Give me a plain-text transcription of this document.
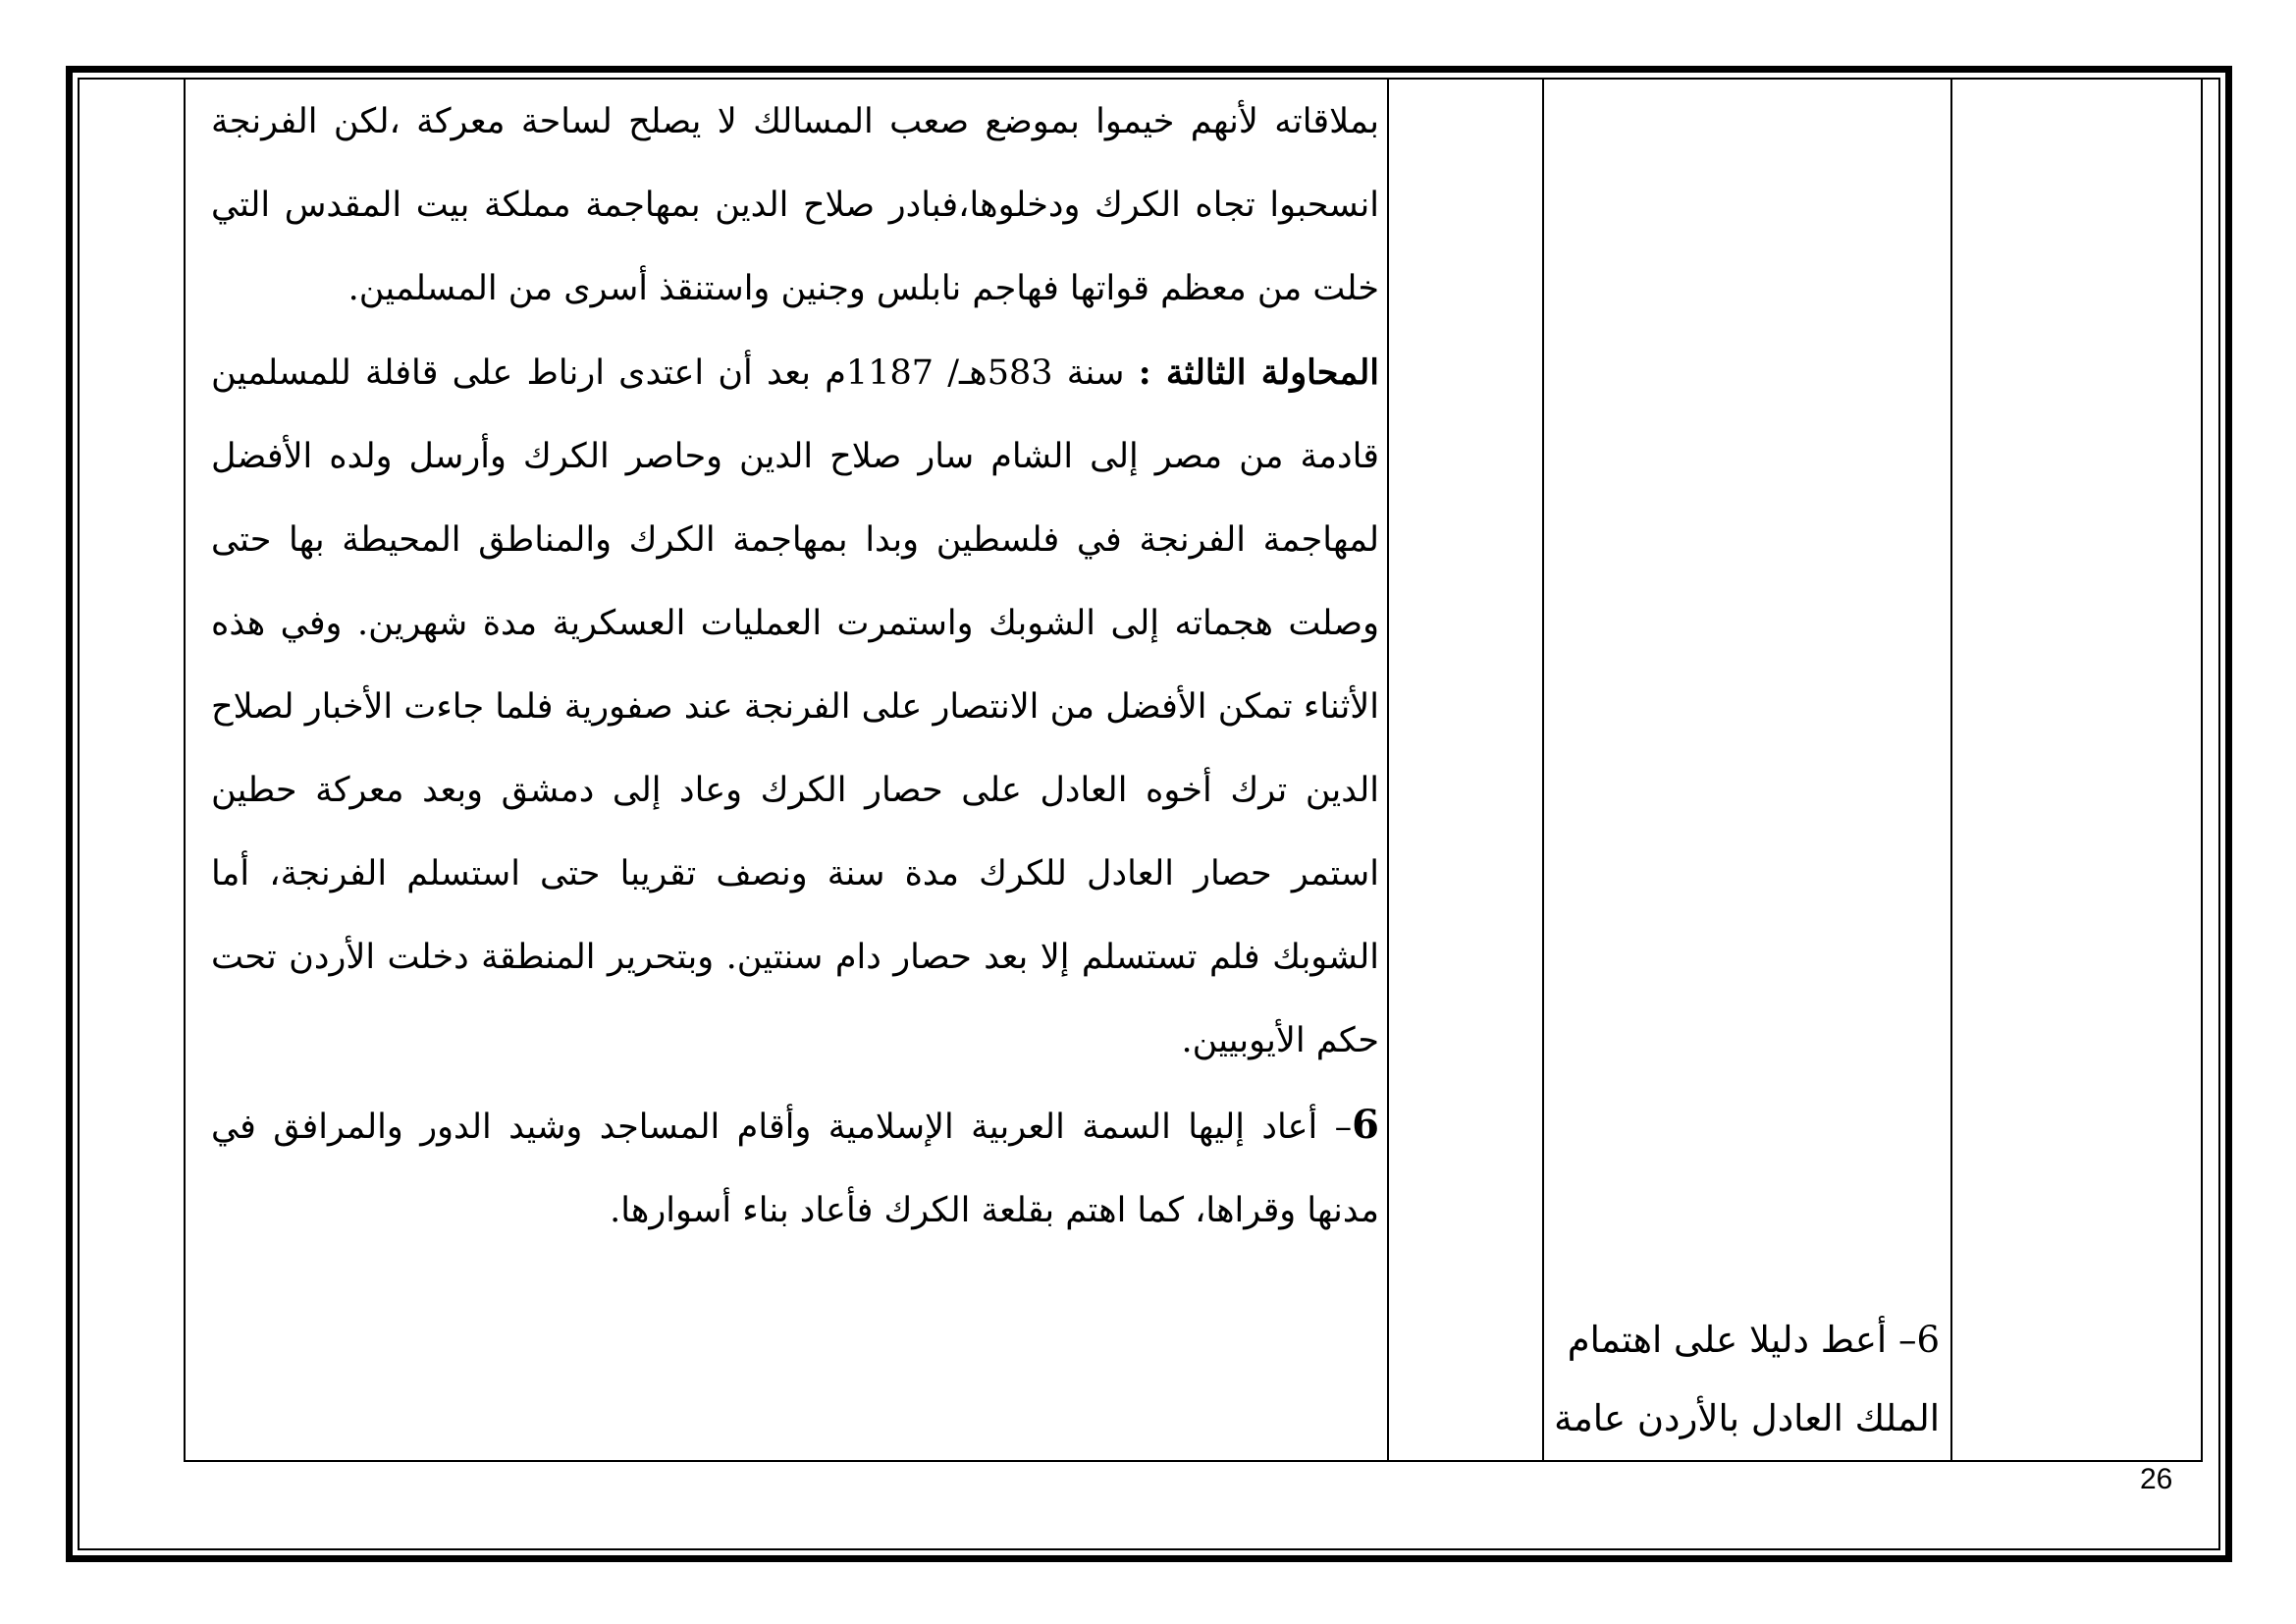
بملاقاته لأنهم خيموا بموضع صعب المسالك لا يصلح لساحة معركة ،لكن الفرنجة انسحبوا تجاه الكرك ودخلوها،فبادر صلاح الدين بمهاجمة مملكة بيت المقدس التي خلت من معظم قواتها فهاجم نابلس وجنين واستنقذ أسرى من المسلمين.

المحاولة الثالثة : سنة 583هـ/ 1187م بعد أن اعتدى ارناط على قافلة للمسلمين قادمة من مصر إلى الشام سار صلاح الدين وحاصر الكرك وأرسل ولده الأفضل لمهاجمة الفرنجة في فلسطين وبدا بمهاجمة الكرك والمناطق المحيطة بها حتى وصلت هجماته إلى الشوبك واستمرت العمليات العسكرية مدة شهرين. وفي هذه الأثناء تمكن الأفضل من الانتصار على الفرنجة عند صفورية فلما جاءت الأخبار لصلاح الدين ترك أخوه العادل على حصار الكرك وعاد إلى دمشق وبعد معركة حطين استمر حصار العادل للكرك مدة سنة ونصف تقريبا حتى استسلم الفرنجة، أما الشوبك فلم تستسلم إلا بعد حصار دام سنتين. وبتحرير المنطقة دخلت الأردن تحت حكم الأيوبيين.

6– أعاد إليها السمة العربية الإسلامية وأقام المساجد وشيد الدور والمرافق في مدنها وقراها، كما اهتم بقلعة الكرك فأعاد بناء أسوارها.

6– أعط دليلا على اهتمام الملك العادل بالأردن عامة
26
